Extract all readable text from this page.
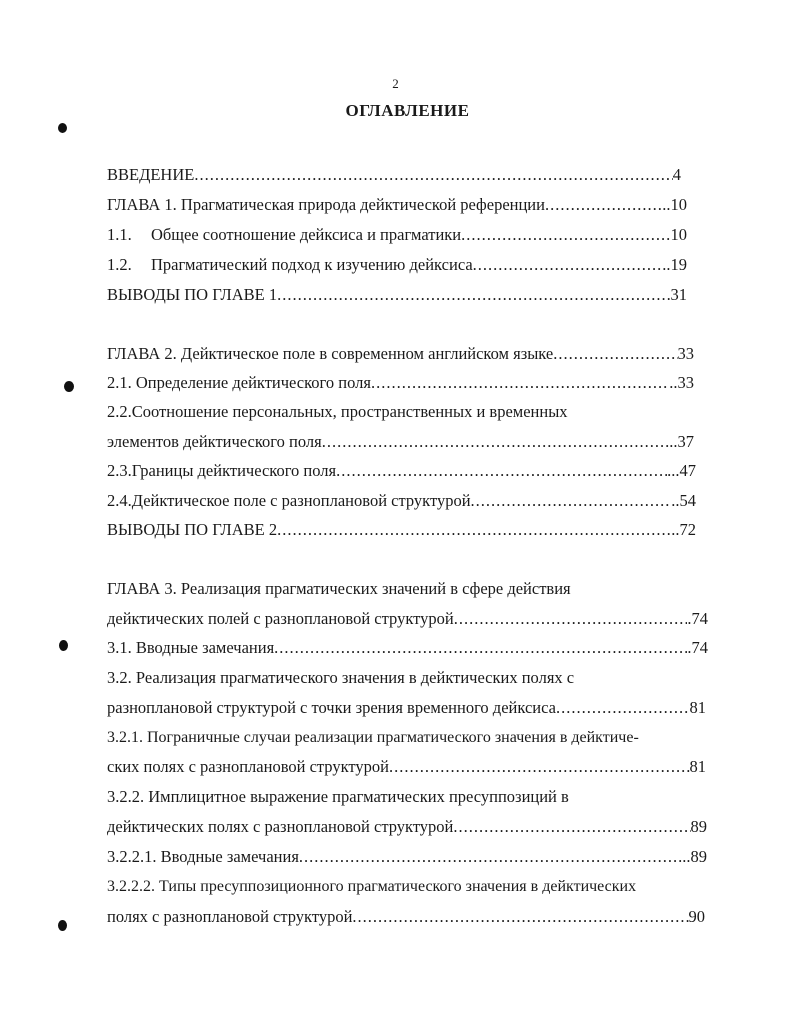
2
ОГЛАВЛЕНИЕ
ВВЕДЕНИЕ .....	4
ГЛАВА 1. Прагматическая природа дейктической референции .....	..10
1.1.	Общее соотношение дейксиса и прагматики .....	10
1.2.	Прагматический подход к изучению дейксиса .....	.19
ВЫВОДЫ ПО ГЛАВЕ 1 .....	31
ГЛАВА 2. Дейктическое поле в современном английском языке .....	33
2.1. Определение дейктического поля .....	..33
2.2.Соотношение персональных, пространственных и временных
элементов дейктического поля .....	..37
2.3.Границы дейктического поля .....	...47
2.4.Дейктическое поле с разноплановой структурой .....	..54
ВЫВОДЫ ПО ГЛАВЕ 2 .....	..72
ГЛАВА 3. Реализация прагматических значений в сфере действия
дейктических полей с разноплановой структурой .....	.74
3.1. Вводные замечания .....	.74
3.2. Реализация прагматического значения в дейктических полях с
разноплановой структурой с точки зрения временного дейксиса .....	81
3.2.1. Пограничные случаи реализации прагматического значения в дейктиче-
ских полях с разноплановой структурой .....	81
3.2.2. Имплицитное выражение прагматических пресуппозиций в
дейктических полях с разноплановой структурой .....	89
3.2.2.1. Вводные замечания .....	..89
3.2.2.2. Типы пресуппозиционного прагматического значения в дейктических
полях с разноплановой структурой .....	90
